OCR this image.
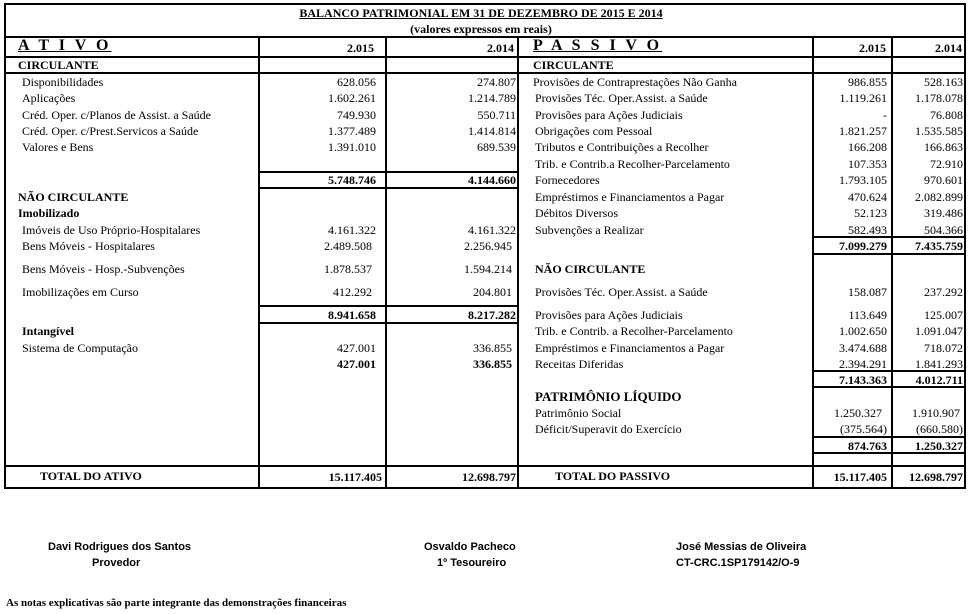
BALANCO PATRIMONIAL EM 31 DE DEZEMBRO DE 2015 E 2014
(valores expressos em reais)
A T I V O	2.015	2.014
CIRCULANTE
Disponibilidades	628.056	274.807
Aplicações	1.602.261	1.214.789
Créd. Oper. c/Planos de Assist. a Saúde	749.930	550.711
Créd. Oper. c/Prest.Servicos a Saúde	1.377.489	1.414.814
Valores e Bens	1.391.010	689.539
5.748.746	4.144.660
NÃO CIRCULANTE
Imobilizado
Imóveis de Uso Próprio-Hospitalares	4.161.322	4.161.322
Bens Móveis - Hospitalares	2.489.508	2.256.945
Bens Móveis - Hosp.-Subvenções	1.878.537	1.594.214
Imobilizações em Curso	412.292	204.801
8.941.658	8.217.282
Intangível
Sistema de Computação	427.001	336.855
427.001	336.855
TOTAL DO ATIVO	15.117.405	12.698.797
P A S S I V O	2.015	2.014
CIRCULANTE
Provisões de Contraprestações Não Ganha	986.855	528.163
Provisões Téc. Oper.Assist. a Saúde	1.119.261 1.178.078
Provisões para Ações Judiciais	-	76.808
Obrigações com Pessoal	1.821.257 1.535.585
Tributos e Contribuições a Recolher	166.208	166.863
Trib. e Contrib.a Recolher-Parcelamento	107.353	72.910
Fornecedores	1.793.105	970.601
Empréstimos e Financiamentos a Pagar	470.624 2.082.899
Débitos Diversos	52.123	319.486
Subvenções a Realizar	582.493	504.366
7.099.279 7.435.759
NÃO CIRCULANTE
Provisões Téc. Oper.Assist. a Saúde	158.087	237.292
Provisões para Ações Judiciais	113.649	125.007
Trib. e Contrib. a Recolher-Parcelamento	1.002.650 1.091.047
Empréstimos e Financiamentos a Pagar	3.474.688	718.072
Receitas Diferidas	2.394.291 1.841.293
7.143.363 4.012.711
PATRIMÔNIO LÍQUIDO
Patrimônio Social	1.250.327	1.910.907
Déficit/Superavit do Exercício	(375.564) (660.580)
874.763 1.250.327
TOTAL DO PASSIVO	15.117.405 12.698.797
Davi Rodrigues dos Santos
Provedor
Osvaldo Pacheco
1º Tesoureiro
José Messias de Oliveira
CT-CRC.1SP179142/O-9
As notas explicativas são parte integrante das demonstrações financeiras
